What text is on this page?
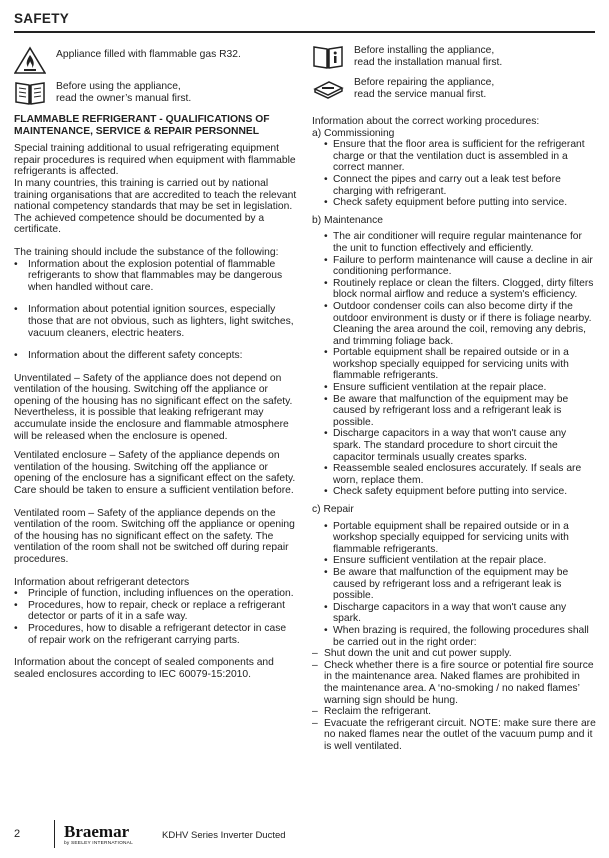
SAFETY
Appliance filled with flammable gas R32.
Before using the appliance,
read the owner’s manual first.
FLAMMABLE REFRIGERANT - QUALIFICATIONS OF
MAINTENANCE, SERVICE & REPAIR PERSONNEL

Special training additional to usual refrigerating equipment repair procedures is required when equipment with flammable refrigerants is affected.

In many countries, this training is carried out by national training organisations that are accredited to teach the relevant national competency standards that may be set in legislation.

The achieved competence should be documented by a certificate.

The training should include the substance of the following:

•	Information about the explosion potential of flammable refrigerants to show that flammables may be dangerous when handled without care.
•	Information about potential ignition sources, especially those that are not obvious, such as lighters, light switches, vacuum cleaners, electric heaters.
•	Information about the different safety concepts:

Unventilated – Safety of the appliance does not depend on ventilation of the housing. Switching off the appliance or opening of the housing has no significant effect on the safety. Nevertheless, it is possible that leaking refrigerant may accumulate inside the enclosure and flammable atmosphere will be released when the enclosure is opened.

Ventilated enclosure – Safety of the appliance depends on ventilation of the housing. Switching off the appliance or opening of the enclosure has a significant effect on the safety. Care should be taken to ensure a sufficient ventilation before.

Ventilated room – Safety of the appliance depends on the ventilation of the room. Switching off the appliance or opening of the housing has no significant effect on the safety. The ventilation of the room shall not be switched off during repair procedures.

Information about refrigerant detectors

•	Principle of function, including influences on the operation.
•	Procedures, how to repair, check or replace a refrigerant detector or parts of it in a safe way.
•	Procedures, how to disable a refrigerant detector in case of repair work on the refrigerant carrying parts.

Information about the concept of sealed components and sealed enclosures according to IEC 60079-15:2010.

Before installing the appliance,
read the installation manual first.
Before repairing the appliance,
read the service manual first.

Information about the correct working procedures:

a) Commissioning

• Ensure that the floor area is sufficient for the refrigerant charge or that the ventilation duct is assembled in a correct manner.
• Connect the pipes and carry out a leak test before charging with refrigerant.
• Check safety equipment before putting into service.

b) Maintenance

• The air conditioner will require regular maintenance for the unit to function effectively and efficiently.
• Failure to perform maintenance will cause a decline in air conditioning performance.
• Routinely replace or clean the filters. Clogged, dirty filters block normal airflow and reduce a system's efficiency.
• Outdoor condenser coils can also become dirty if the outdoor environment is dusty or if there is foliage nearby. Cleaning the area around the coil, removing any debris, and trimming foliage back.
• Portable equipment shall be repaired outside or in a workshop specially equipped for servicing units with flammable refrigerants.
• Ensure sufficient ventilation at the repair place.
• Be aware that malfunction of the equipment may be caused by refrigerant loss and a refrigerant leak is possible.
• Discharge capacitors in a way that won't cause any spark. The standard procedure to short circuit the capacitor terminals usually creates sparks.
• Reassemble sealed enclosures accurately. If seals are worn, replace them.
• Check safety equipment before putting into service.

c) Repair

• Portable equipment shall be repaired outside or in a workshop specially equipped for servicing units with flammable refrigerants.
• Ensure sufficient ventilation at the repair place.
• Be aware that malfunction of the equipment may be caused by refrigerant loss and a refrigerant leak is possible.
• Discharge capacitors in a way that won't cause any spark.
• When brazing is required, the following procedures shall be carried out in the right order:
– Shut down the unit and cut power supply.
– Check whether there is a fire source or potential fire source in the maintenance area. Naked flames are prohibited in the maintenance area. A ‘no-smoking / no naked flames’ warning sign should be hung.
– Reclaim the refrigerant.
– Evacuate the refrigerant circuit. NOTE: make sure there are no naked flames near the outlet of the vacuum pump and it is well ventilated.
2	Braemar
by SEELEY INTERNATIONAL
KDHV Series Inverter Ducted
